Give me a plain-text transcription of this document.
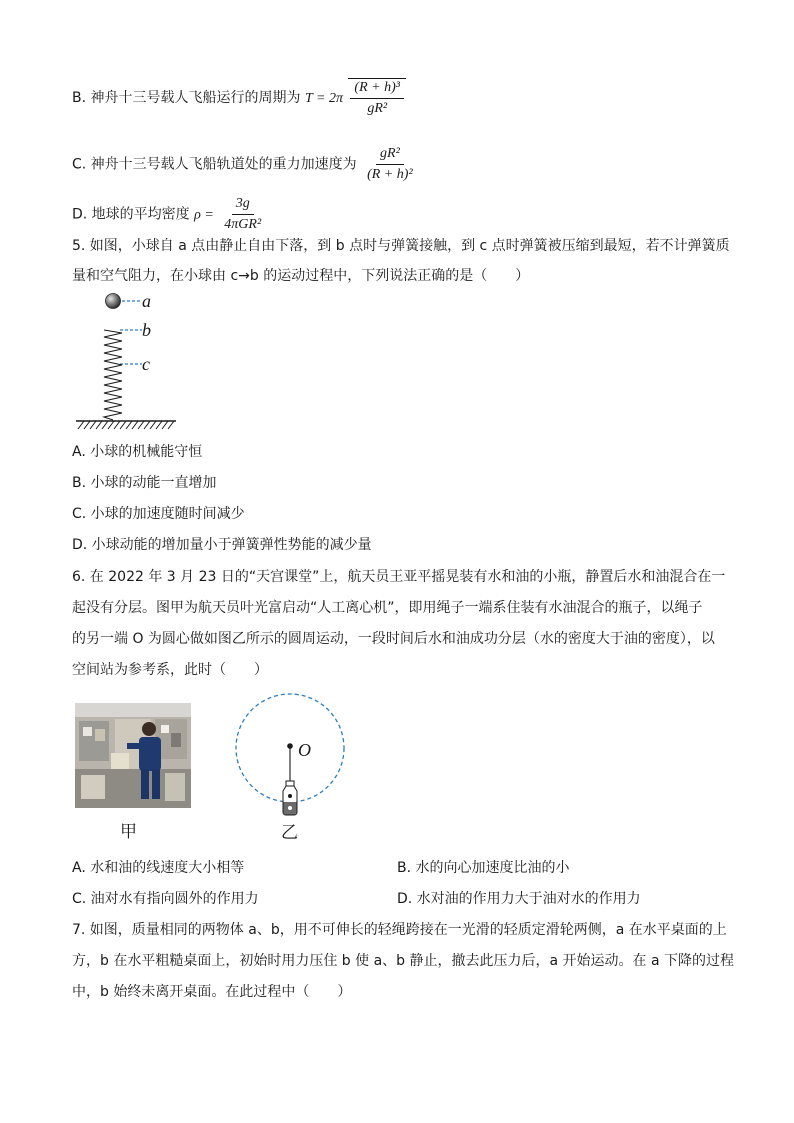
B. 神舟十三号载人飞船运行的周期为 $T = 2\pi \frac{\text{(R + h)³}}{\text{gR²}}$
C. 神舟十三号载人飞船轨道处的重力加速度为 $\frac{\text{gR²}}{\text{(R + h)²}}$
D. 地球的平均密度 $\rho = \frac{3g}{\text{4πGR²}}$
5. 如图，小球自 a 点由静止自由下落，到 b 点时与弹簧接触，到 c 点时弹簧被压缩到最短，若不计弹簧质
量和空气阻力，在小球由 c→b 的运动过程中，下列说法正确的是（　　）
a
b
c
A. 小球的机械能守恒
B. 小球的动能一直增加
C. 小球的加速度随时间减少
D. 小球动能的增加量小于弹簧弹性势能的减少量
6. 在 2022 年 3 月 23 日的“天宫课堂”上，航天员王亚平摇晃装有水和油的小瓶，静置后水和油混合在一
起没有分层。图甲为航天员叶光富启动“人工离心机”，即用绳子一端系住装有水油混合的瓶子，以绳子
的另一端 O 为圆心做如图乙所示的圆周运动，一段时间后水和油成功分层（水的密度大于油的密度），以
空间站为参考系，此时（　　）
O
甲	乙
A. 水和油的线速度大小相等	B. 水的向心加速度比油的小
C. 油对水有指向圆外的作用力	D. 水对油的作用力大于油对水的作用力
7. 如图，质量相同的两物体 a、b，用不可伸长的轻绳跨接在一光滑的轻质定滑轮两侧，a 在水平桌面的上
方，b 在水平粗糙桌面上，初始时用力压住 b 使 a、b 静止，撤去此压力后，a 开始运动。在 a 下降的过程
中，b 始终未离开桌面。在此过程中（　　）
